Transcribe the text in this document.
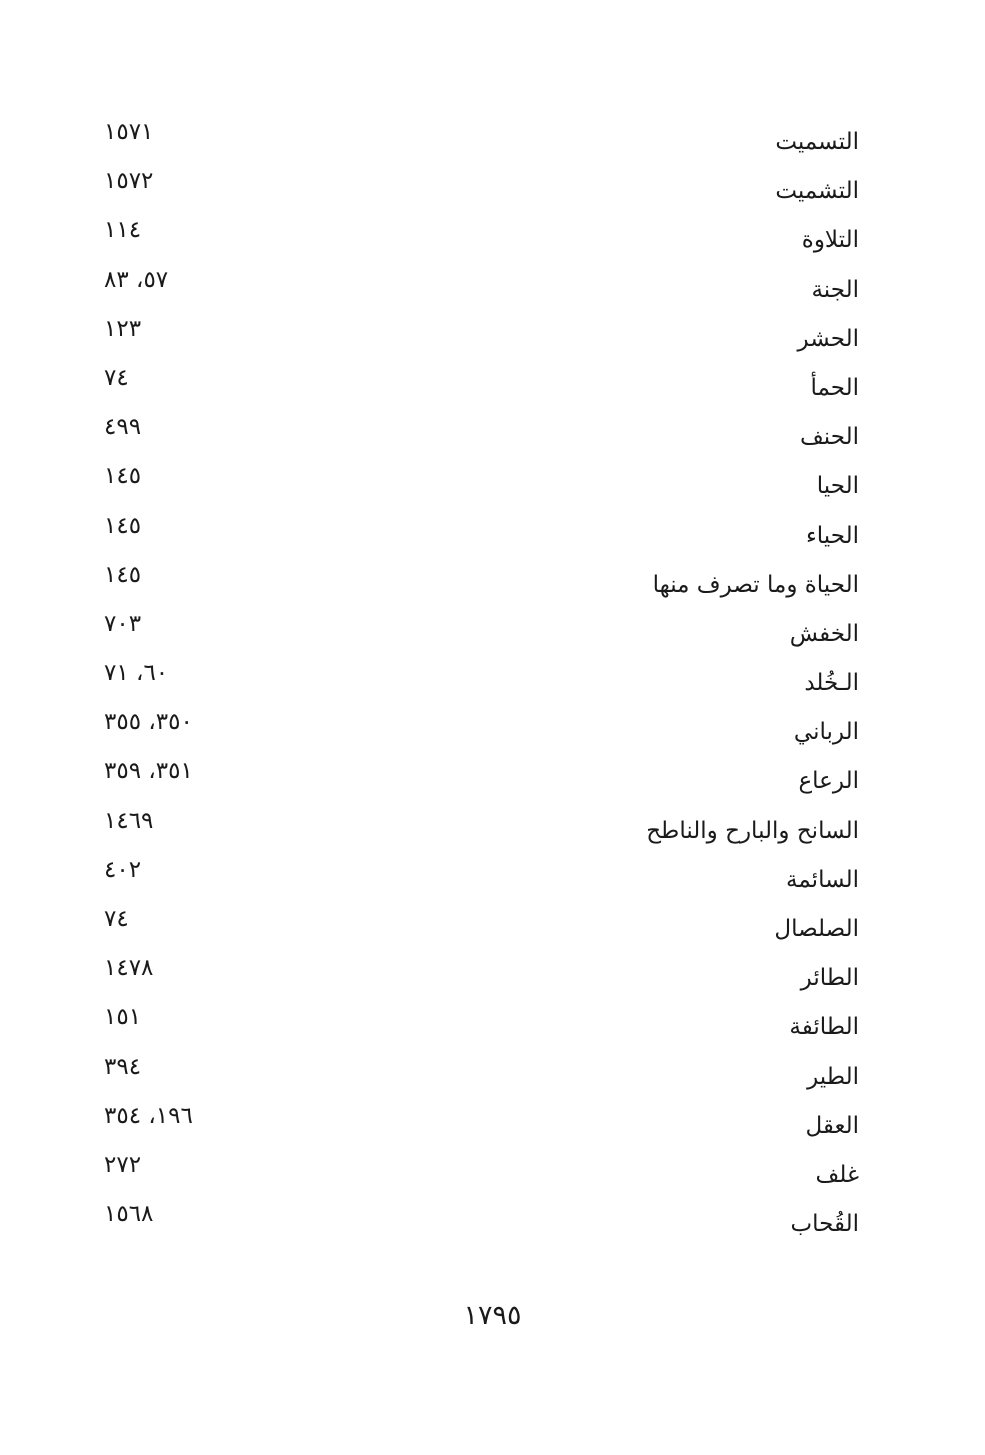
التسميت
١٥٧١
التشميت
١٥٧٢
التلاوة
١١٤
الجنة
٥٧، ٨٣
الحشر
١٢٣
الحمأ
٧٤
الحنف
٤٩٩
الحيا
١٤٥
الحياء
١٤٥
الحياة وما تصرف منها
١٤٥
الخفش
٧٠٣
الـخُلد
٦٠، ٧١
الرباني
٣٥٠، ٣٥٥
الرعاع
٣٥١، ٣٥٩
السانح والبارح والناطح
١٤٦٩
السائمة
٤٠٢
الصلصال
٧٤
الطائر
١٤٧٨
الطائفة
١٥١
الطير
٣٩٤
العقل
١٩٦، ٣٥٤
غلف
٢٧٢
القُحاب
١٥٦٨
١٧٩٥
